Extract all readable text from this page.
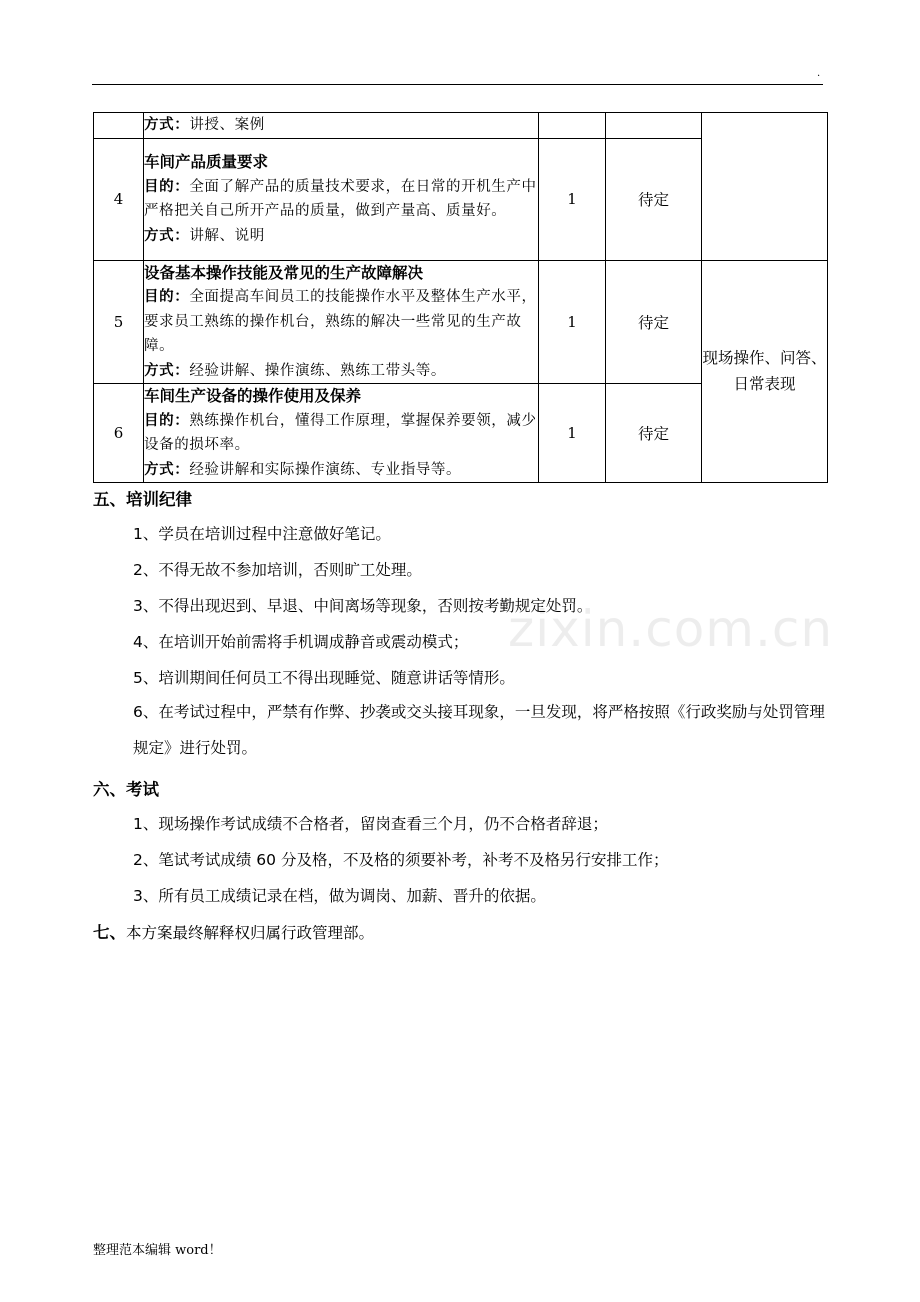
.
	方式：讲授、案例			
4	车间产品质量要求
目的：全面了解产品的质量技术要求，在日常的开机生产中严格把关自己所开产品的质量，做到产量高、质量好。
方式：讲解、说明	1	待定	
5	设备基本操作技能及常见的生产故障解决
目的：全面提高车间员工的技能操作水平及整体生产水平，要求员工熟练的操作机台，熟练的解决一些常见的生产故障。
方式：经验讲解、操作演练、熟练工带头等。	1	待定	现场操作、问答、日常表现
6	车间生产设备的操作使用及保养
目的：熟练操作机台，懂得工作原理，掌握保养要领，减少设备的损坏率。
方式：经验讲解和实际操作演练、专业指导等。	1	待定	
zixin.com.cn
五、培训纪律
1、学员在培训过程中注意做好笔记。
2、不得无故不参加培训，否则旷工处理。
3、不得出现迟到、早退、中间离场等现象，否则按考勤规定处罚。
4、在培训开始前需将手机调成静音或震动模式；
5、培训期间任何员工不得出现睡觉、随意讲话等情形。
6、在考试过程中，严禁有作弊、抄袭或交头接耳现象，一旦发现，将严格按照《行政奖励与处罚管理规定》进行处罚。
六、考试
1、现场操作考试成绩不合格者，留岗查看三个月，仍不合格者辞退；
2、笔试考试成绩 60 分及格，不及格的须要补考，补考不及格另行安排工作；
3、所有员工成绩记录在档，做为调岗、加薪、晋升的依据。
七、本方案最终解释权归属行政管理部。
整理范本编辑 word！
